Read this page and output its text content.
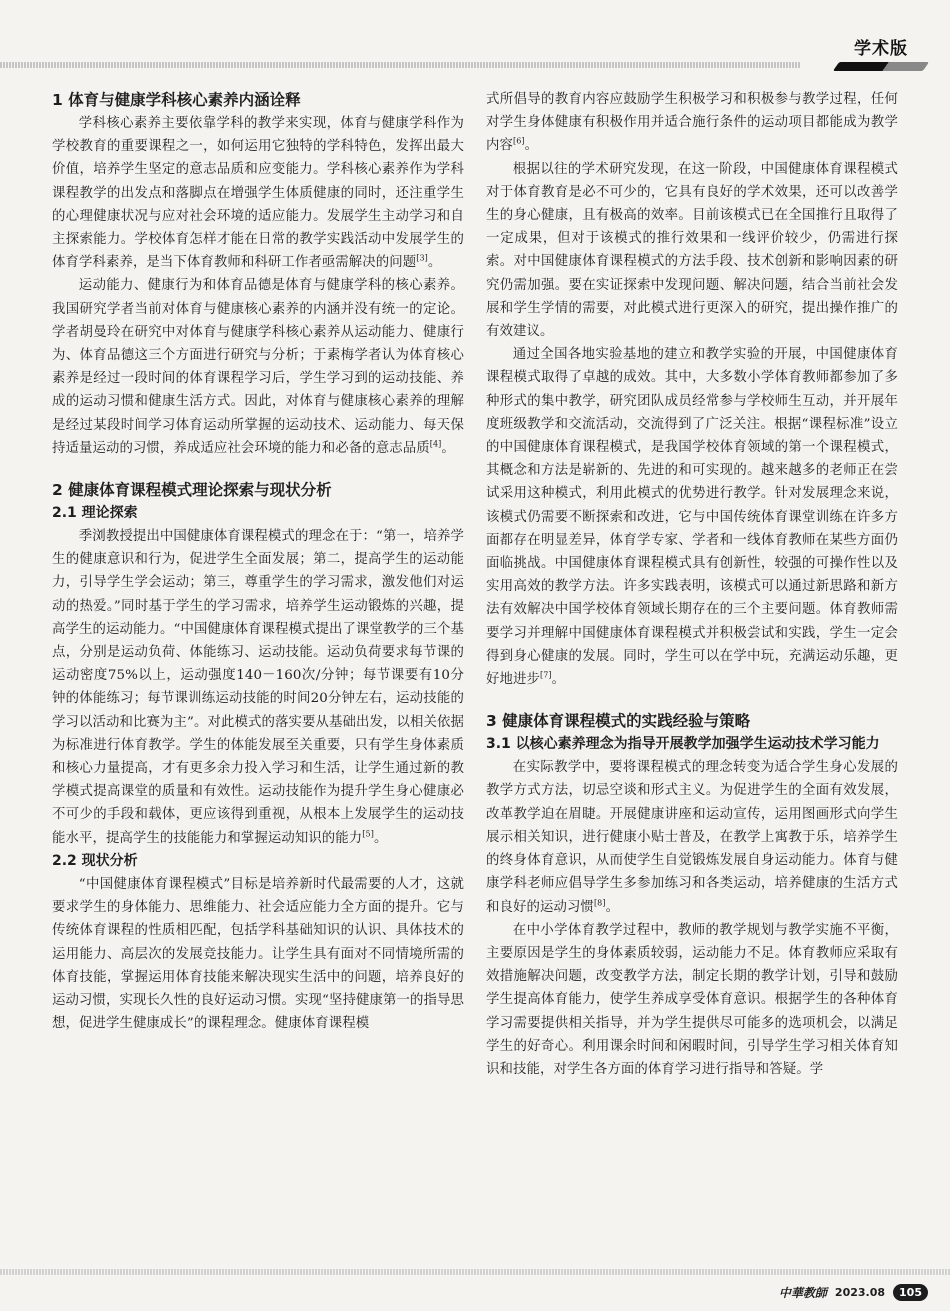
学术版
1 体育与健康学科核心素养内涵诠释

学科核心素养主要依靠学科的教学来实现，体育与健康学科作为学校教育的重要课程之一，如何运用它独特的学科特色，发挥出最大价值，培养学生坚定的意志品质和应变能力。学科核心素养作为学科课程教学的出发点和落脚点在增强学生体质健康的同时，还注重学生的心理健康状况与应对社会环境的适应能力。发展学生主动学习和自主探索能力。学校体育怎样才能在日常的教学实践活动中发展学生的体育学科素养，是当下体育教师和科研工作者亟需解决的问题[3]。

运动能力、健康行为和体育品德是体育与健康学科的核心素养。我国研究学者当前对体育与健康核心素养的内涵并没有统一的定论。学者胡曼玲在研究中对体育与健康学科核心素养从运动能力、健康行为、体育品德这三个方面进行研究与分析；于素梅学者认为体育核心素养是经过一段时间的体育课程学习后，学生学习到的运动技能、养成的运动习惯和健康生活方式。因此，对体育与健康核心素养的理解是经过某段时间学习体育运动所掌握的运动技术、运动能力、每天保持适量运动的习惯，养成适应社会环境的能力和必备的意志品质[4]。

2 健康体育课程模式理论探索与现状分析
2.1 理论探索

季浏教授提出中国健康体育课程模式的理念在于：“第一，培养学生的健康意识和行为，促进学生全面发展；第二，提高学生的运动能力，引导学生学会运动；第三，尊重学生的学习需求，激发他们对运动的热爱。”同时基于学生的学习需求，培养学生运动锻炼的兴趣，提高学生的运动能力。“中国健康体育课程模式提出了课堂教学的三个基点，分别是运动负荷、体能练习、运动技能。运动负荷要求每节课的运动密度75%以上，运动强度140－160次/分钟；每节课要有10分钟的体能练习；每节课训练运动技能的时间20分钟左右，运动技能的学习以活动和比赛为主”。对此模式的落实要从基础出发，以相关依据为标准进行体育教学。学生的体能发展至关重要，只有学生身体素质和核心力量提高，才有更多余力投入学习和生活，让学生通过新的教学模式提高课堂的质量和有效性。运动技能作为提升学生身心健康必不可少的手段和载体，更应该得到重视，从根本上发展学生的运动技能水平，提高学生的技能能力和掌握运动知识的能力[5]。

2.2 现状分析

“中国健康体育课程模式”目标是培养新时代最需要的人才，这就要求学生的身体能力、思维能力、社会适应能力全方面的提升。它与传统体育课程的性质相匹配，包括学科基础知识的认识、具体技术的运用能力、高层次的发展竞技能力。让学生具有面对不同情境所需的体育技能，掌握运用体育技能来解决现实生活中的问题，培养良好的运动习惯，实现长久性的良好运动习惯。实现“坚持健康第一的指导思想，促进学生健康成长”的课程理念。健康体育课程模

式所倡导的教育内容应鼓励学生积极学习和积极参与教学过程，任何对学生身体健康有积极作用并适合施行条件的运动项目都能成为教学内容[6]。

根据以往的学术研究发现，在这一阶段，中国健康体育课程模式对于体育教育是必不可少的，它具有良好的学术效果，还可以改善学生的身心健康，且有极高的效率。目前该模式已在全国推行且取得了一定成果，但对于该模式的推行效果和一线评价较少，仍需进行探索。对中国健康体育课程模式的方法手段、技术创新和影响因素的研究仍需加强。要在实证探索中发现问题、解决问题，结合当前社会发展和学生学情的需要，对此模式进行更深入的研究，提出操作推广的有效建议。

通过全国各地实验基地的建立和教学实验的开展，中国健康体育课程模式取得了卓越的成效。其中，大多数小学体育教师都参加了多种形式的集中教学，研究团队成员经常参与学校师生互动，并开展年度班级教学和交流活动，交流得到了广泛关注。根据“课程标准”设立的中国健康体育课程模式，是我国学校体育领域的第一个课程模式，其概念和方法是崭新的、先进的和可实现的。越来越多的老师正在尝试采用这种模式，利用此模式的优势进行教学。针对发展理念来说，该模式仍需要不断探索和改进，它与中国传统体育课堂训练在许多方面都存在明显差异，体育学专家、学者和一线体育教师在某些方面仍面临挑战。中国健康体育课程模式具有创新性，较强的可操作性以及实用高效的教学方法。许多实践表明，该模式可以通过新思路和新方法有效解决中国学校体育领域长期存在的三个主要问题。体育教师需要学习并理解中国健康体育课程模式并积极尝试和实践，学生一定会得到身心健康的发展。同时，学生可以在学中玩，充满运动乐趣，更好地进步[7]。

3 健康体育课程模式的实践经验与策略
3.1 以核心素养理念为指导开展教学加强学生运动技术学习能力

在实际教学中，要将课程模式的理念转变为适合学生身心发展的教学方式方法，切忌空谈和形式主义。为促进学生的全面有效发展，改革教学迫在眉睫。开展健康讲座和运动宣传，运用图画形式向学生展示相关知识，进行健康小贴士普及，在教学上寓教于乐，培养学生的终身体育意识，从而使学生自觉锻炼发展自身运动能力。体育与健康学科老师应倡导学生多参加练习和各类运动，培养健康的生活方式和良好的运动习惯[8]。

在中小学体育教学过程中，教师的教学规划与教学实施不平衡，主要原因是学生的身体素质较弱，运动能力不足。体育教师应采取有效措施解决问题，改变教学方法，制定长期的教学计划，引导和鼓励学生提高体育能力，使学生养成享受体育意识。根据学生的各种体育学习需要提供相关指导，并为学生提供尽可能多的选项机会，以满足学生的好奇心。利用课余时间和闲暇时间，引导学生学习相关体育知识和技能，对学生各方面的体育学习进行指导和答疑。学

中華教師 2023.08	105
